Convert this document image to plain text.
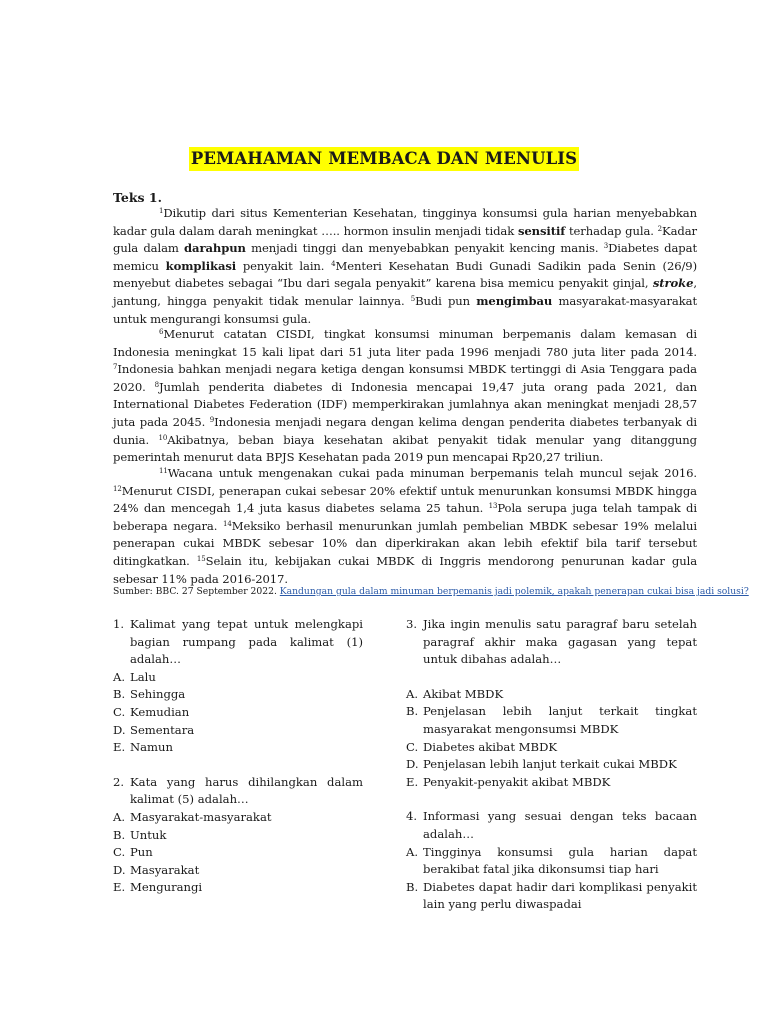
PEMAHAMAN MEMBACA DAN MENULIS
Teks 1.
$^1$Dikutip dari situs Kementerian Kesehatan, tingginya konsumsi gula harian menyebabkan kadar gula dalam darah meningkat ….. hormon insulin menjadi tidak sensitif terhadap gula. $^2$Kadar gula dalam darahpun menjadi tinggi dan menyebabkan penyakit kencing manis. $^3$Diabetes dapat memicu komplikasi penyakit lain. $^4$Menteri Kesehatan Budi Gunadi Sadikin pada Senin (26/9) menyebut diabetes sebagai “Ibu dari segala penyakit” karena bisa memicu penyakit ginjal, stroke, jantung, hingga penyakit tidak menular lainnya. $^5$Budi pun mengimbau masyarakat-masyarakat untuk mengurangi konsumsi gula.
$^6$Menurut catatan CISDI, tingkat konsumsi minuman berpemanis dalam kemasan di Indonesia meningkat 15 kali lipat dari 51 juta liter pada 1996 menjadi 780 juta liter pada 2014. $^7$Indonesia bahkan menjadi negara ketiga dengan konsumsi MBDK tertinggi di Asia Tenggara pada 2020. $^8$Jumlah penderita diabetes di Indonesia mencapai 19,47 juta orang pada 2021, dan International Diabetes Federation (IDF) memperkirakan jumlahnya akan meningkat menjadi 28,57 juta pada 2045. $^9$Indonesia menjadi negara dengan kelima dengan penderita diabetes terbanyak di dunia. $^{10}$Akibatnya, beban biaya kesehatan akibat penyakit tidak menular yang ditanggung pemerintah menurut data BPJS Kesehatan pada 2019 pun mencapai Rp20,27 triliun.
$^{11}$Wacana untuk mengenakan cukai pada minuman berpemanis telah muncul sejak 2016. $^{12}$Menurut CISDI, penerapan cukai sebesar 20% efektif untuk menurunkan konsumsi MBDK hingga 24% dan mencegah 1,4 juta kasus diabetes selama 25 tahun. $^{13}$Pola serupa juga telah tampak di beberapa negara. $^{14}$Meksiko berhasil menurunkan jumlah pembelian MBDK sebesar 19% melalui penerapan cukai MBDK sebesar 10% dan diperkirakan akan lebih efektif bila tarif tersebut ditingkatkan. $^{15}$Selain itu, kebijakan cukai MBDK di Inggris mendorong penurunan kadar gula sebesar 11% pada 2016-2017.
Sumber: BBC. 27 September 2022. Kandungan gula dalam minuman berpemanis jadi polemik, apakah penerapan cukai bisa jadi solusi?
1. Kalimat yang tepat untuk melengkapi bagian rumpang pada kalimat (1) adalah…
A. Lalu
B. Sehingga
C. Kemudian
D. Sementara
E. Namun
2. Kata yang harus dihilangkan dalam kalimat (5) adalah…
A. Masyarakat-masyarakat
B. Untuk
C. Pun
D. Masyarakat
E. Mengurangi
3. Jika ingin menulis satu paragraf baru setelah paragraf akhir maka gagasan yang tepat untuk dibahas adalah…
A. Akibat MBDK
B. Penjelasan lebih lanjut terkait tingkat masyarakat mengonsumsi MBDK
C. Diabetes akibat MBDK
D. Penjelasan lebih lanjut terkait cukai MBDK
E. Penyakit-penyakit akibat MBDK
4. Informasi yang sesuai dengan teks bacaan adalah…
A. Tingginya konsumsi gula harian dapat berakibat fatal jika dikonsumsi tiap hari
B. Diabetes dapat hadir dari komplikasi penyakit lain yang perlu diwaspadai
